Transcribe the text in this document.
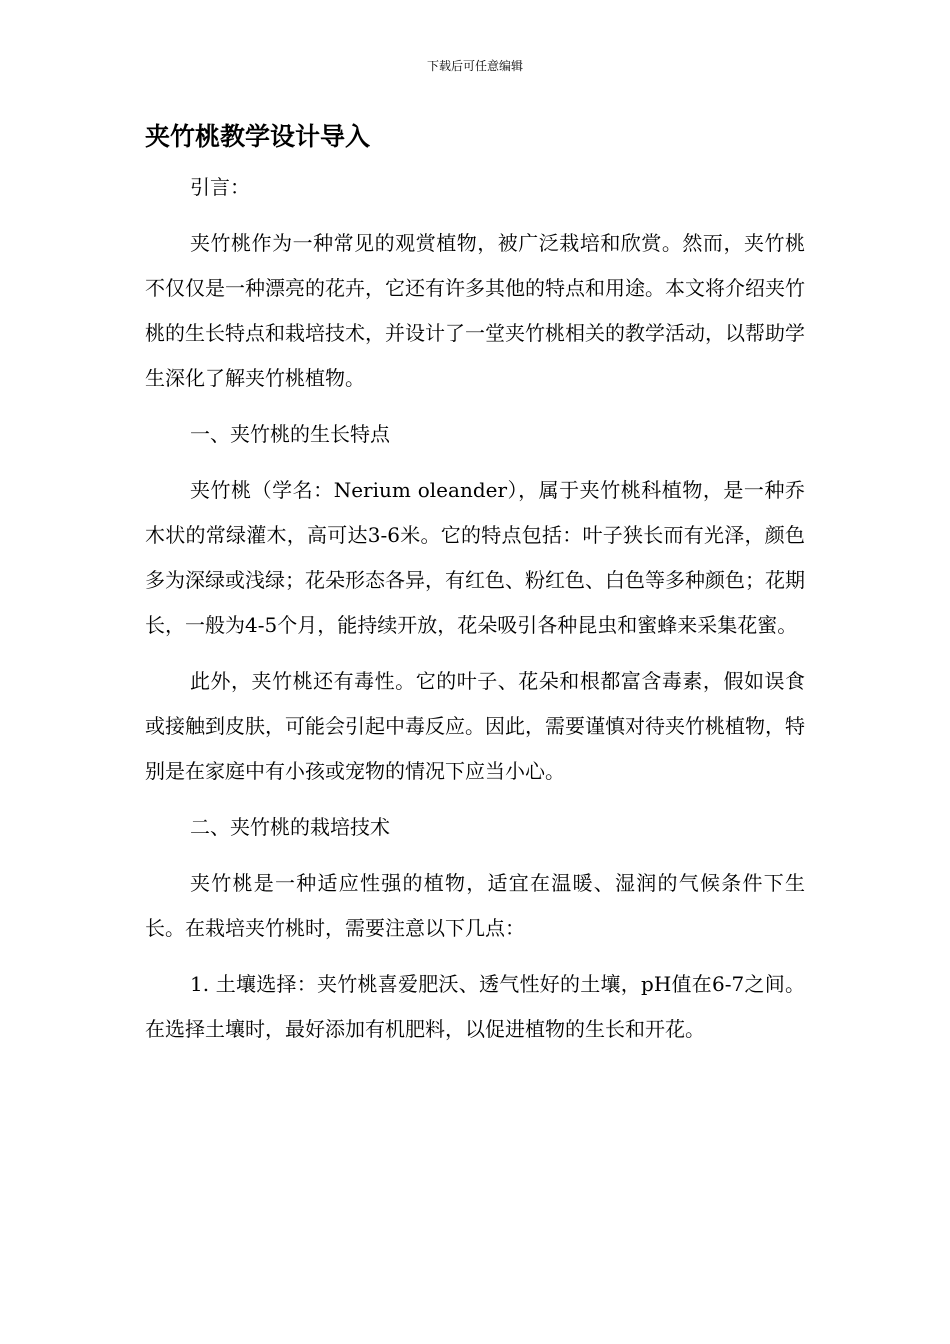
下载后可任意编辑
夹竹桃教学设计导入

引言：

夹竹桃作为一种常见的观赏植物，被广泛栽培和欣赏。然而，夹竹桃不仅仅是一种漂亮的花卉，它还有许多其他的特点和用途。本文将介绍夹竹桃的生长特点和栽培技术，并设计了一堂夹竹桃相关的教学活动，以帮助学生深化了解夹竹桃植物。

一、夹竹桃的生长特点

夹竹桃（学名：Nerium oleander），属于夹竹桃科植物，是一种乔木状的常绿灌木，高可达3-6米。它的特点包括：叶子狭长而有光泽，颜色多为深绿或浅绿；花朵形态各异，有红色、粉红色、白色等多种颜色；花期长，一般为4-5个月，能持续开放，花朵吸引各种昆虫和蜜蜂来采集花蜜。

此外，夹竹桃还有毒性。它的叶子、花朵和根都富含毒素，假如误食或接触到皮肤，可能会引起中毒反应。因此，需要谨慎对待夹竹桃植物，特别是在家庭中有小孩或宠物的情况下应当小心。

二、夹竹桃的栽培技术

夹竹桃是一种适应性强的植物，适宜在温暖、湿润的气候条件下生长。在栽培夹竹桃时，需要注意以下几点：

1. 土壤选择：夹竹桃喜爱肥沃、透气性好的土壤，pH值在6-7之间。在选择土壤时，最好添加有机肥料，以促进植物的生长和开花。
